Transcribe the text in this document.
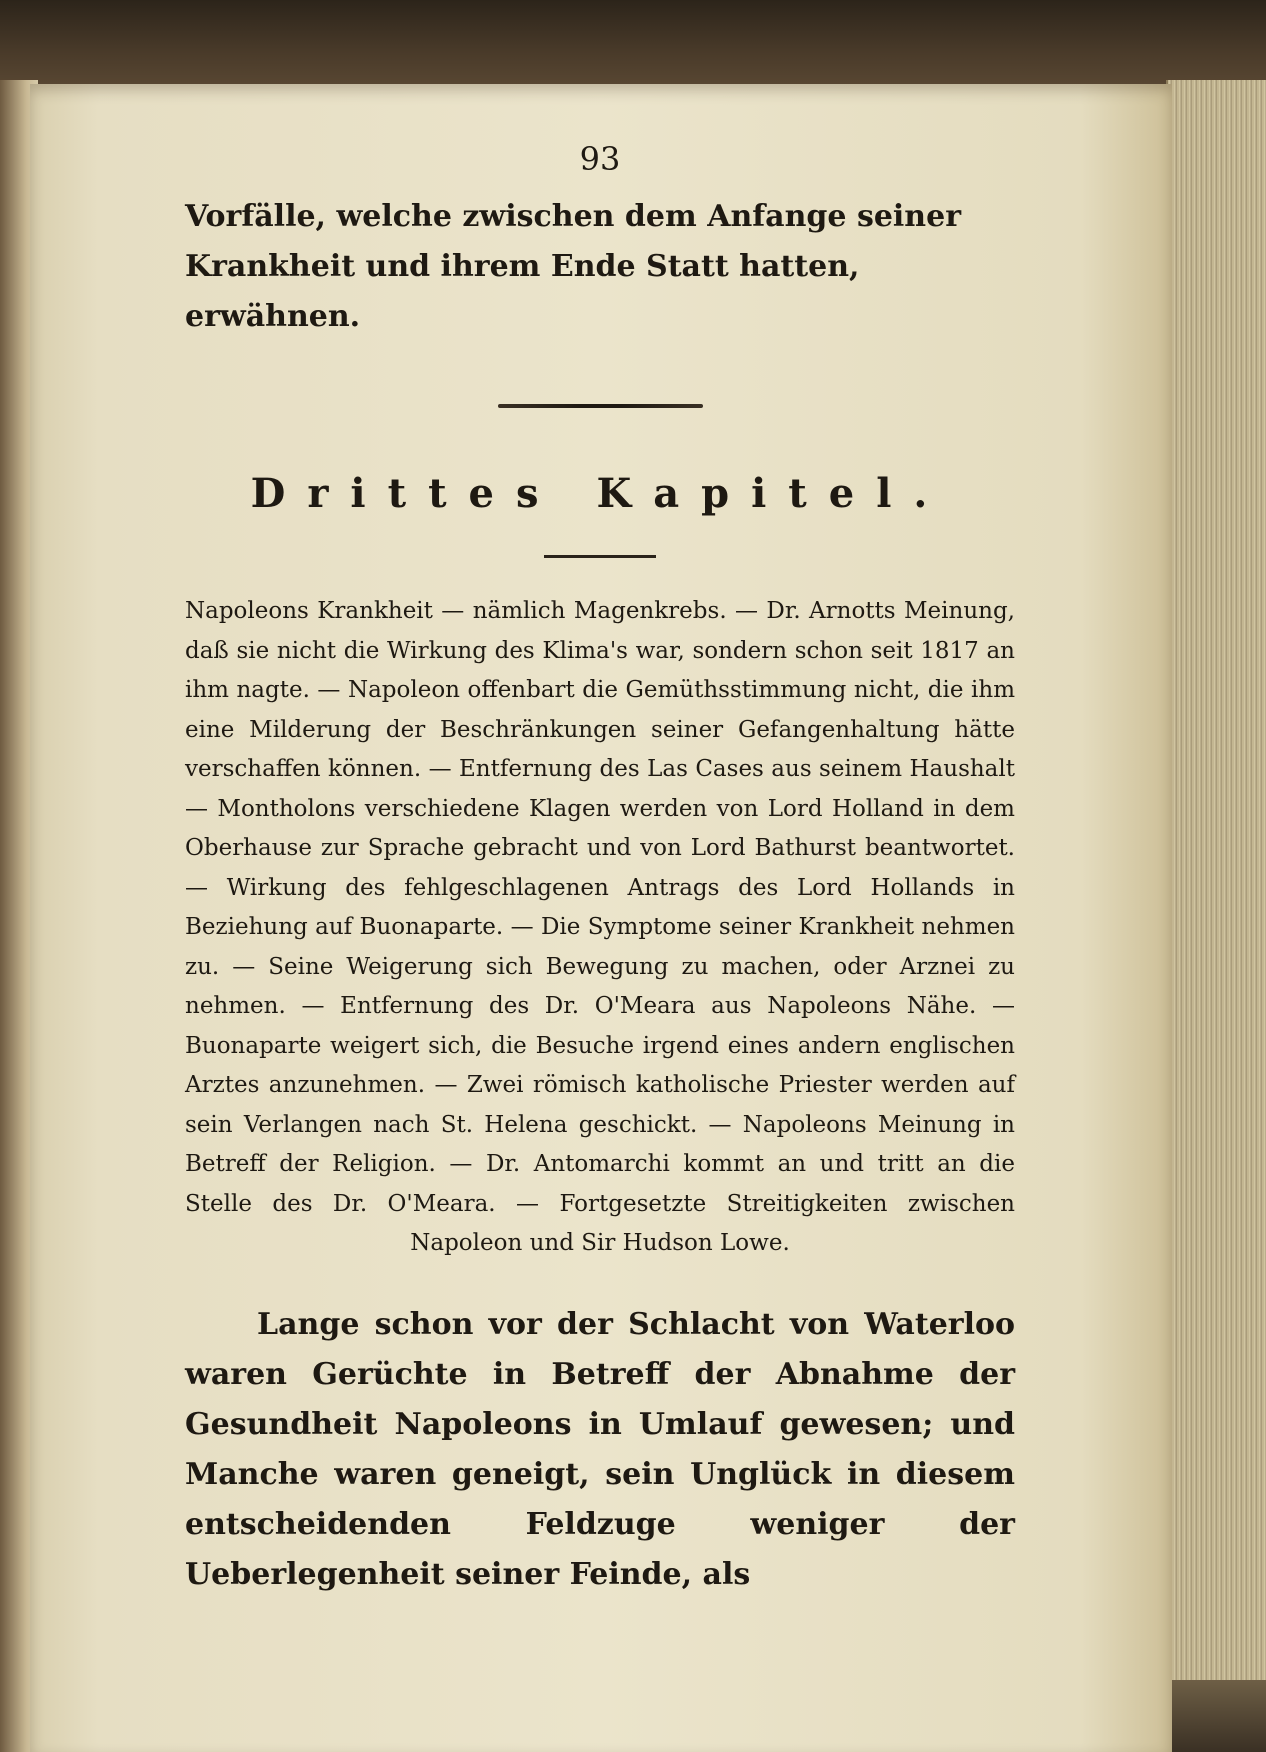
93

Vorfälle, welche zwischen dem Anfange seiner Krankheit und ihrem Ende Statt hatten, erwähnen.

Drittes Kapitel.

Napoleons Krankheit — nämlich Magenkrebs. — Dr. Arnotts Meinung, daß sie nicht die Wirkung des Klima's war, sondern schon seit 1817 an ihm nagte. — Napoleon offenbart die Gemüthsstimmung nicht, die ihm eine Milderung der Beschränkungen seiner Gefangenhaltung hätte verschaffen können. — Entfernung des Las Cases aus seinem Haushalt — Montholons verschiedene Klagen werden von Lord Holland in dem Oberhause zur Sprache gebracht und von Lord Bathurst beantwortet. — Wirkung des fehlgeschlagenen Antrags des Lord Hollands in Beziehung auf Buonaparte. — Die Symptome seiner Krankheit nehmen zu. — Seine Weigerung sich Bewegung zu machen, oder Arznei zu nehmen. — Entfernung des Dr. O'Meara aus Napoleons Nähe. — Buonaparte weigert sich, die Besuche irgend eines andern englischen Arztes anzunehmen. — Zwei römisch katholische Priester werden auf sein Verlangen nach St. Helena geschickt. — Napoleons Meinung in Betreff der Religion. — Dr. Antomarchi kommt an und tritt an die Stelle des Dr. O'Meara. — Fortgesetzte Streitigkeiten zwischen Napoleon und Sir Hudson Lowe.

Lange schon vor der Schlacht von Waterloo waren Gerüchte in Betreff der Abnahme der Gesundheit Napoleons in Umlauf gewesen; und Manche waren geneigt, sein Unglück in diesem entscheidenden Feldzuge weniger der Ueberlegenheit seiner Feinde, als
